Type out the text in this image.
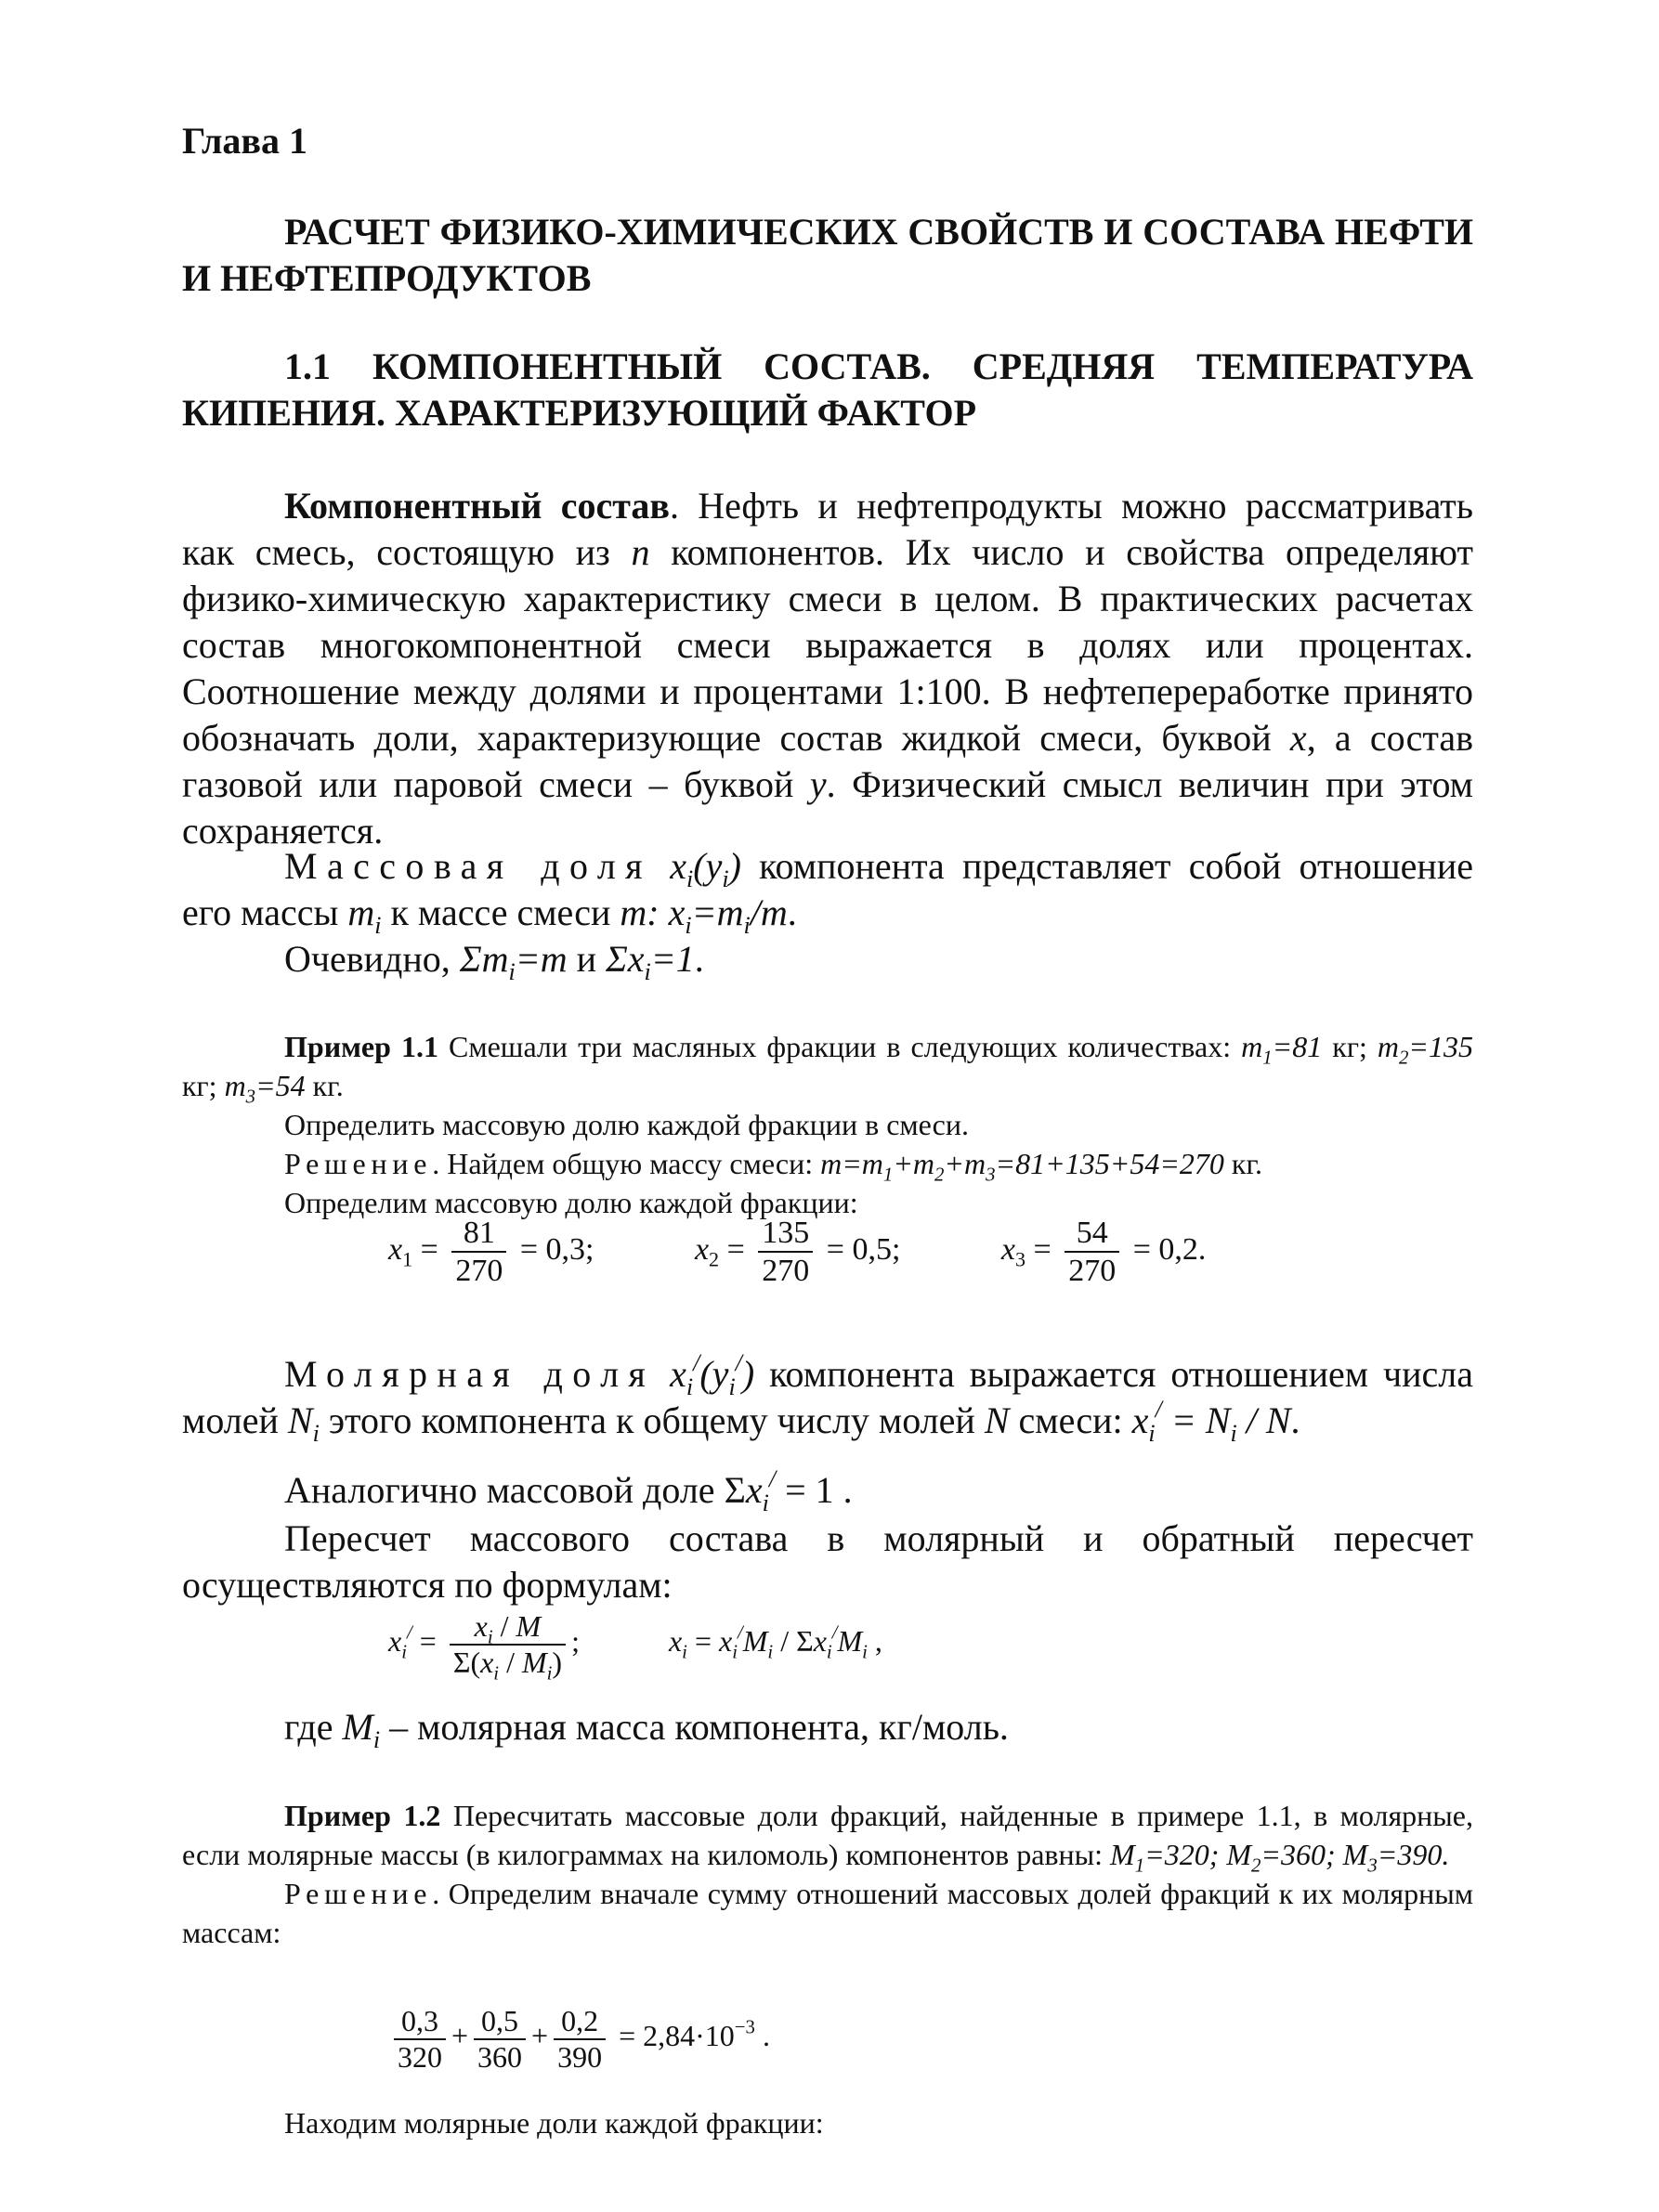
Глава 1
РАСЧЕТ ФИЗИКО-ХИМИЧЕСКИХ СВОЙСТВ И СОСТАВА НЕФТИ И НЕФТЕПРОДУКТОВ
1.1 КОМПОНЕНТНЫЙ СОСТАВ. СРЕДНЯЯ ТЕМПЕРАТУРА КИПЕНИЯ. ХАРАКТЕРИЗУЮЩИЙ ФАКТОР
Компонентный состав. Нефть и нефтепродукты можно рассматривать как смесь, состоящую из n компонентов. Их число и свойства определяют физико-химическую характеристику смеси в целом. В практических расчетах состав многокомпонентной смеси выражается в долях или процентах. Соотношение между долями и процентами 1:100. В нефтепереработке принято обозначать доли, характеризующие состав жидкой смеси, буквой x, а состав газовой или паровой смеси – буквой y. Физический смысл величин при этом сохраняется.
Массовая доля $x_i(y_i)$ компонента представляет собой отношение его массы $m_i$ к массе смеси m: $x_i=m_i/m$.
Очевидно, $\Sigma m_i=m$ и $\Sigma x_i=1$.

Пример 1.1 Смешали три масляных фракции в следующих количествах: $m_1=81$ кг; $m_2=135$ кг; $m_3=54$ кг.

Определить массовую долю каждой фракции в смеси.

Решение. Найдем общую массу смеси: $m=m_1+m_2+m_3=81+135+54=270$ кг.

Определим массовую долю каждой фракции:

$x_1 = \frac{81}{270} = 0,3$;	$x_2 = \frac{135}{270} = 0,5$;	$x_3 = \frac{54}{270} = 0,2$.
Молярная доля $x_i^/(y_i^/)$ компонента выражается отношением числа молей $N_i$ этого компонента к общему числу молей N смеси: $x_i^/ = N_i / N$.
Аналогично массовой доле $\Sigma x_i^/ = 1$ .
Пересчет массового состава в молярный и обратный пересчет осуществляются по формулам:
$x_i^/ = \frac{x_i / M}{\Sigma(x_i / M_i)}$ ;	$x_i = x_i^/M_i / \Sigma x_i^/M_i$ ,
где $M_i$ – молярная масса компонента, кг/моль.

Пример 1.2 Пересчитать массовые доли фракций, найденные в примере 1.1, в молярные, если молярные массы (в килограммах на киломоль) компонентов равны: $M_1=320$; $M_2=360$; $M_3=390$.

Решение. Определим вначале сумму отношений массовых долей фракций к их молярным массам:

$\frac{0,3}{320} + \frac{0,5}{360} + \frac{0,2}{390} = 2,84\cdot 10^{-3}$ .
Находим молярные доли каждой фракции:
